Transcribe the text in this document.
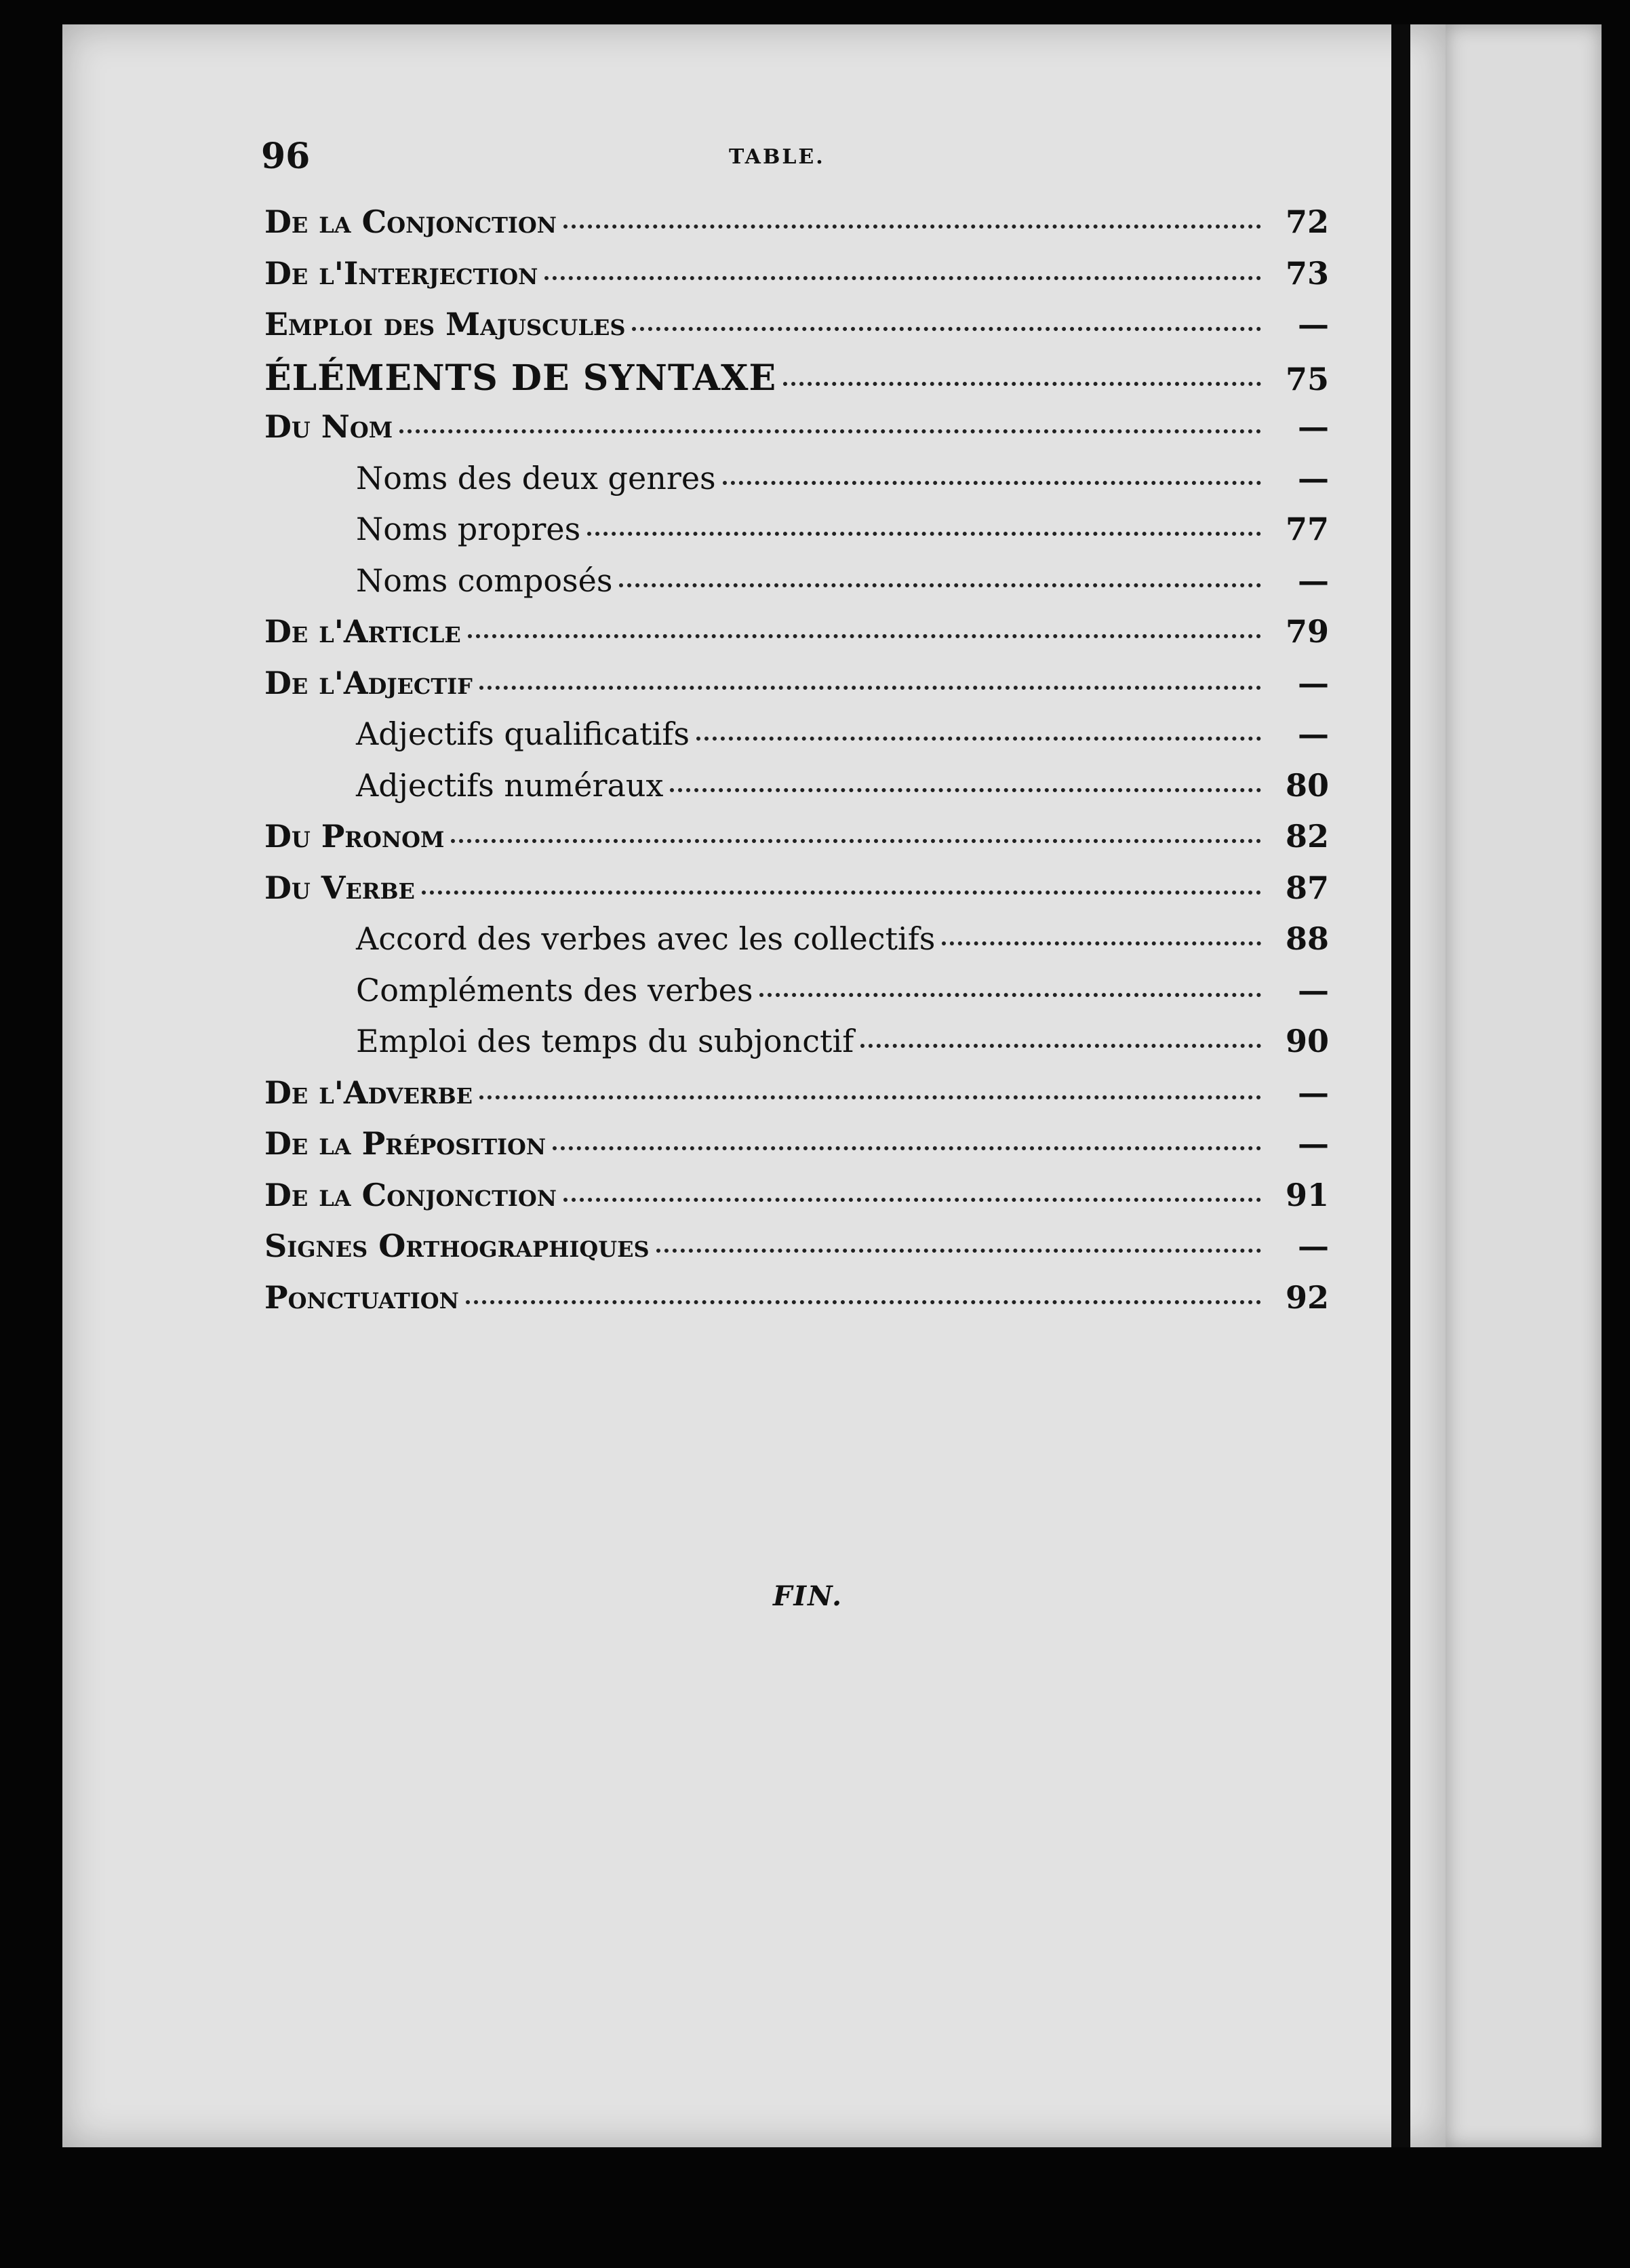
96	TABLE.
De la Conjonction	72
De l'Interjection	73
Emploi des Majuscules	—
ÉLÉMENTS DE SYNTAXE	75
Du Nom	—
Noms des deux genres	—
Noms propres	77
Noms composés	—
De l'Article	79
De l'Adjectif	—
Adjectifs qualificatifs	—
Adjectifs numéraux	80
Du Pronom	82
Du Verbe	87
Accord des verbes avec les collectifs	88
Compléments des verbes	—
Emploi des temps du subjonctif	90
De l'Adverbe	—
De la Préposition	—
De la Conjonction	91
Signes Orthographiques	—
Ponctuation	92
FIN.
